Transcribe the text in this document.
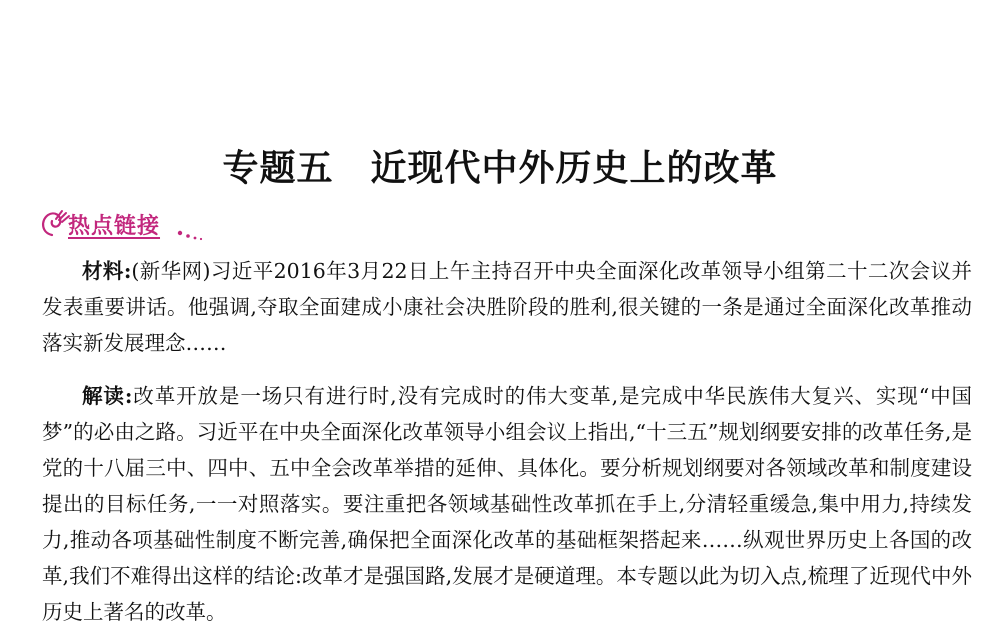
专题五　近现代中外历史上的改革
热点链接
材料:(新华网)习近平2016年3月22日上午主持召开中央全面深化改革领导小组第二十二次会议并发表重要讲话。他强调,夺取全面建成小康社会决胜阶段的胜利,很关键的一条是通过全面深化改革推动落实新发展理念……
解读:改革开放是一场只有进行时,没有完成时的伟大变革,是完成中华民族伟大复兴、实现“中国梦”的必由之路。习近平在中央全面深化改革领导小组会议上指出,“十三五”规划纲要安排的改革任务,是党的十八届三中、四中、五中全会改革举措的延伸、具体化。要分析规划纲要对各领域改革和制度建设提出的目标任务,一一对照落实。要注重把各领域基础性改革抓在手上,分清轻重缓急,集中用力,持续发力,推动各项基础性制度不断完善,确保把全面深化改革的基础框架搭起来……纵观世界历史上各国的改革,我们不难得出这样的结论:改革才是强国路,发展才是硬道理。本专题以此为切入点,梳理了近现代中外历史上著名的改革。
